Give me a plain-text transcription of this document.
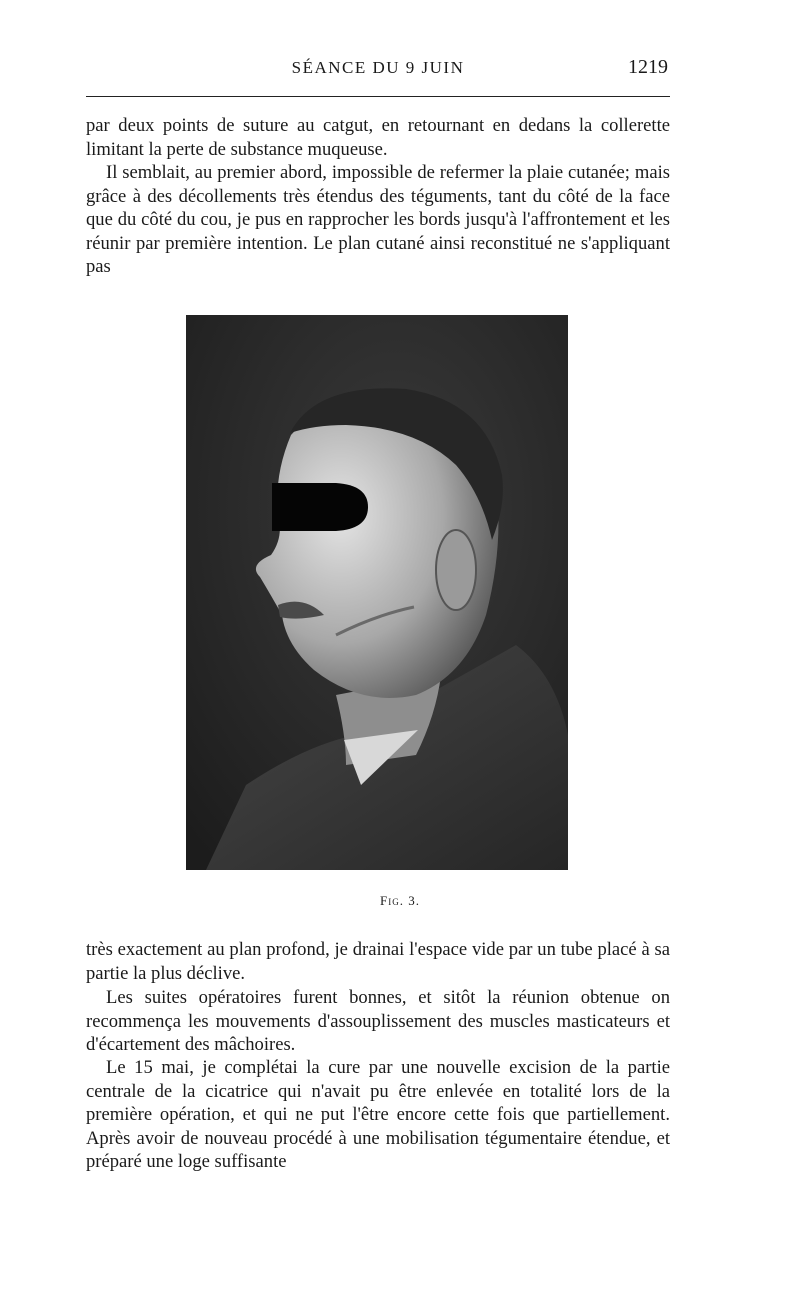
SÉANCE DU 9 JUIN	1219

par deux points de suture au catgut, en retournant en dedans la collerette limitant la perte de substance muqueuse.

Il semblait, au premier abord, impossible de refermer la plaie cutanée; mais grâce à des décollements très étendus des téguments, tant du côté de la face que du côté du cou, je pus en rapprocher les bords jusqu'à l'affrontement et les réunir par première intention. Le plan cutané ainsi reconstitué ne s'appliquant pas

Fig. 3.

très exactement au plan profond, je drainai l'espace vide par un tube placé à sa partie la plus déclive.

Les suites opératoires furent bonnes, et sitôt la réunion obtenue on recommença les mouvements d'assouplissement des muscles masticateurs et d'écartement des mâchoires.

Le 15 mai, je complétai la cure par une nouvelle excision de la partie centrale de la cicatrice qui n'avait pu être enlevée en totalité lors de la première opération, et qui ne put l'être encore cette fois que partiellement. Après avoir de nouveau procédé à une mobilisation tégumentaire étendue, et préparé une loge suffisante
